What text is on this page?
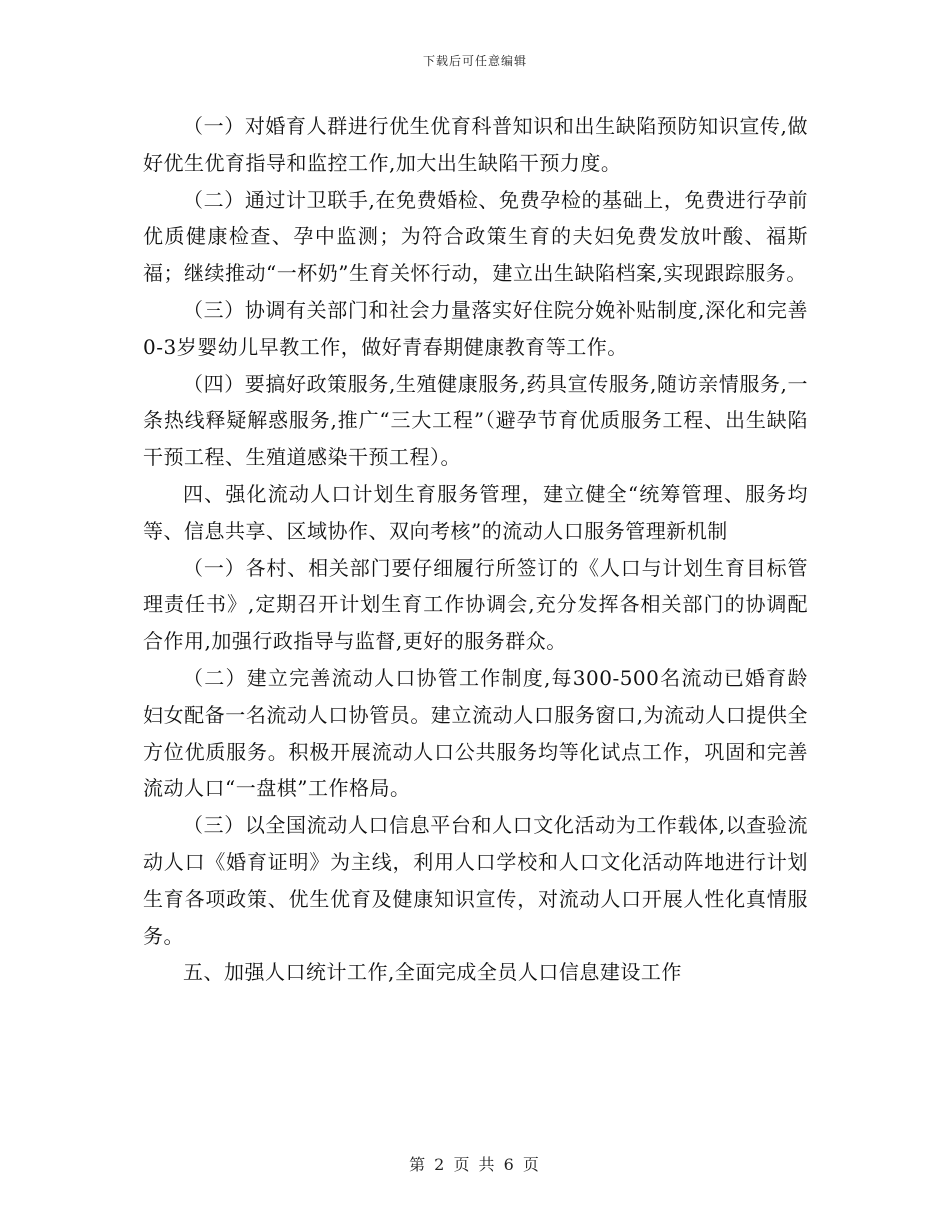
下载后可任意编辑

（一）对婚育人群进行优生优育科普知识和出生缺陷预防知识宣传,做好优生优育指导和监控工作,加大出生缺陷干预力度。

（二）通过计卫联手,在免费婚检、免费孕检的基础上，免费进行孕前优质健康检查、孕中监测；为符合政策生育的夫妇免费发放叶酸、福斯福；继续推动“一杯奶”生育关怀行动，建立出生缺陷档案,实现跟踪服务。

（三）协调有关部门和社会力量落实好住院分娩补贴制度,深化和完善0-3岁婴幼儿早教工作，做好青春期健康教育等工作。

（四）要搞好政策服务,生殖健康服务,药具宣传服务,随访亲情服务,一条热线释疑解惑服务,推广“三大工程”（避孕节育优质服务工程、出生缺陷干预工程、生殖道感染干预工程）。

四、强化流动人口计划生育服务管理，建立健全“统筹管理、服务均等、信息共享、区域协作、双向考核”的流动人口服务管理新机制

（一）各村、相关部门要仔细履行所签订的《人口与计划生育目标管理责任书》,定期召开计划生育工作协调会,充分发挥各相关部门的协调配合作用,加强行政指导与监督,更好的服务群众。

（二）建立完善流动人口协管工作制度,每300-500名流动已婚育龄妇女配备一名流动人口协管员。建立流动人口服务窗口,为流动人口提供全方位优质服务。积极开展流动人口公共服务均等化试点工作，巩固和完善流动人口“一盘棋”工作格局。

（三）以全国流动人口信息平台和人口文化活动为工作载体,以查验流动人口《婚育证明》为主线，利用人口学校和人口文化活动阵地进行计划生育各项政策、优生优育及健康知识宣传，对流动人口开展人性化真情服务。

五、加强人口统计工作,全面完成全员人口信息建设工作

第 2 页 共 6 页
